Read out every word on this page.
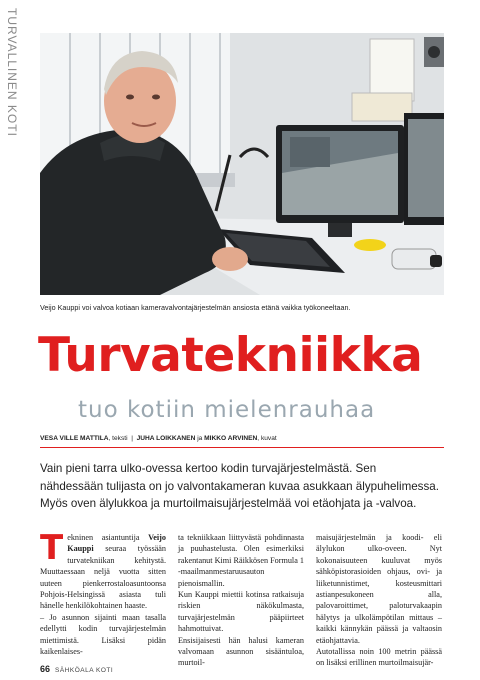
TURVALLINEN KOTI
Veijo Kauppi voi valvoa kotiaan kameravalvontajärjestelmän ansiosta etänä vaikka työkoneeltaan.
Turvatekniikka
tuo kotiin mielenrauhaa
VESA VILLE MATTILA, teksti  |  JUHA LOIKKANEN ja MIKKO ARVINEN, kuvat
Vain pieni tarra ulko-ovessa kertoo kodin turvajärjestelmästä. Sen nähdessään tulijasta on jo valvontakameran kuvaa asukkaan älypuhelimessa. Myös oven älylukkoa ja murtoilmaisujärjestelmää voi etäohjata ja -valvoa.
Tekninen asiantuntija Veijo Kauppi seuraa työssään turvatekniikan kehitystä. Muuttaessaan neljä vuotta sitten uuteen pienkerrostaloasuntoonsa Pohjois-Helsingissä asiasta tuli hänelle henkilökohtainen haaste.
– Jo asunnon sijainti maan tasalla edellytti kodin turvajärjestelmän miettimistä. Lisäksi pidän kaikenlaises-
ta tekniikkaan liittyvästä pohdinnasta ja puuhastelusta. Olen esimerkiksi rakentanut Kimi Räikkösen Formula 1 -maailmanmestaruusauton pienoismallin.
Kun Kauppi miettii kotinsa ratkaisuja riskien näkökulmasta, turvajärjestelmän pääpiirteet hahmottuivat.
Ensisijaisesti hän halusi kameran valvomaan asunnon sisääntuloa, murtoil-
maisujärjestelmän ja koodi- eli älylukon ulko-oveen. Nyt kokonaisuuteen kuuluvat myös sähköpistorasioiden ohjaus, ovi- ja liiketunnistimet, kosteusmittari astianpesukoneen alla, palovaroittimet, paloturvakaapin hälytys ja ulkolämpötilan mittaus – kaikki kännykän päässä ja valtaosin etäohjattavia.
Autotallissa noin 100 metrin päässä on lisäksi erillinen murtoilmaisujär-
66 SÄHKÖALA KOTI
